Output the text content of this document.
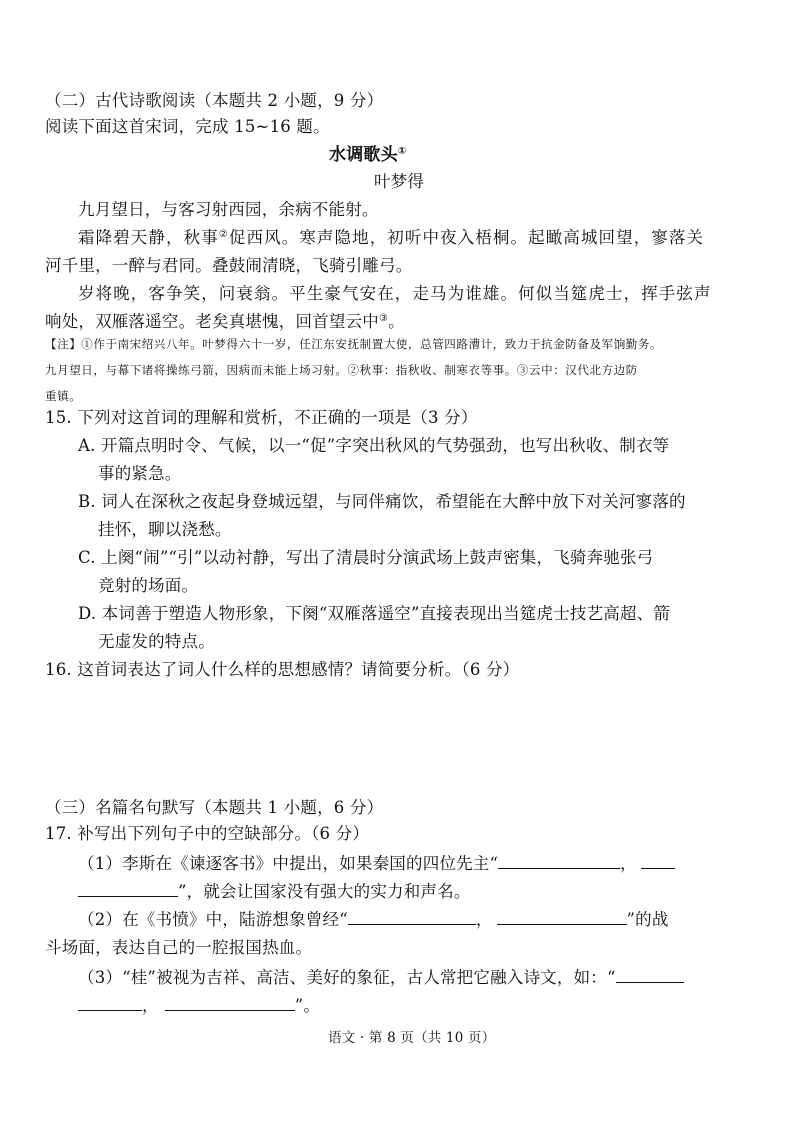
（二）古代诗歌阅读（本题共 2 小题，9 分）
阅读下面这首宋词，完成 15~16 题。
水调歌头①
叶梦得
九月望日，与客习射西园，余病不能射。
霜降碧天静，秋事②促西风。寒声隐地，初听中夜入梧桐。起瞰高城回望，寥落关
河千里，一醉与君同。叠鼓闹清晓，飞骑引雕弓。
岁将晚，客争笑，问衰翁。平生豪气安在，走马为谁雄。何似当筵虎士，挥手弦声
响处，双雁落遥空。老矣真堪愧，回首望云中③。
【注】①作于南宋绍兴八年。叶梦得六十一岁，任江东安抚制置大使，总管四路漕计，致力于抗金防备及军饷勤务。
九月望日，与幕下诸将操练弓箭，因病而未能上场习射。②秋事：指秋收、制寒衣等事。③云中：汉代北方边防
重镇。
15. 下列对这首词的理解和赏析，不正确的一项是（3 分）
A. 开篇点明时令、气候，以一“促”字突出秋风的气势强劲，也写出秋收、制衣等
事的紧急。
B. 词人在深秋之夜起身登城远望，与同伴痛饮，希望能在大醉中放下对关河寥落的
挂怀，聊以浇愁。
C. 上阕“闹”“引”以动衬静，写出了清晨时分演武场上鼓声密集，飞骑奔驰张弓
竞射的场面。
D. 本词善于塑造人物形象，下阕“双雁落遥空”直接表现出当筵虎士技艺高超、箭
无虚发的特点。
16. 这首词表达了词人什么样的思想感情？请简要分析。（6 分）
（三）名篇名句默写（本题共 1 小题，6 分）
17. 补写出下列句子中的空缺部分。（6 分）
（1）李斯在《谏逐客书》中提出，如果秦国的四位先主“	，
”，就会让国家没有强大的实力和声名。
（2）在《书愤》中，陆游想象曾经“	，	”的战
斗场面，表达自己的一腔报国热血。
（3）“桂”被视为吉祥、高洁、美好的象征，古人常把它融入诗文，如：“
，	”。
语文 · 第 8 页（共 10 页）
